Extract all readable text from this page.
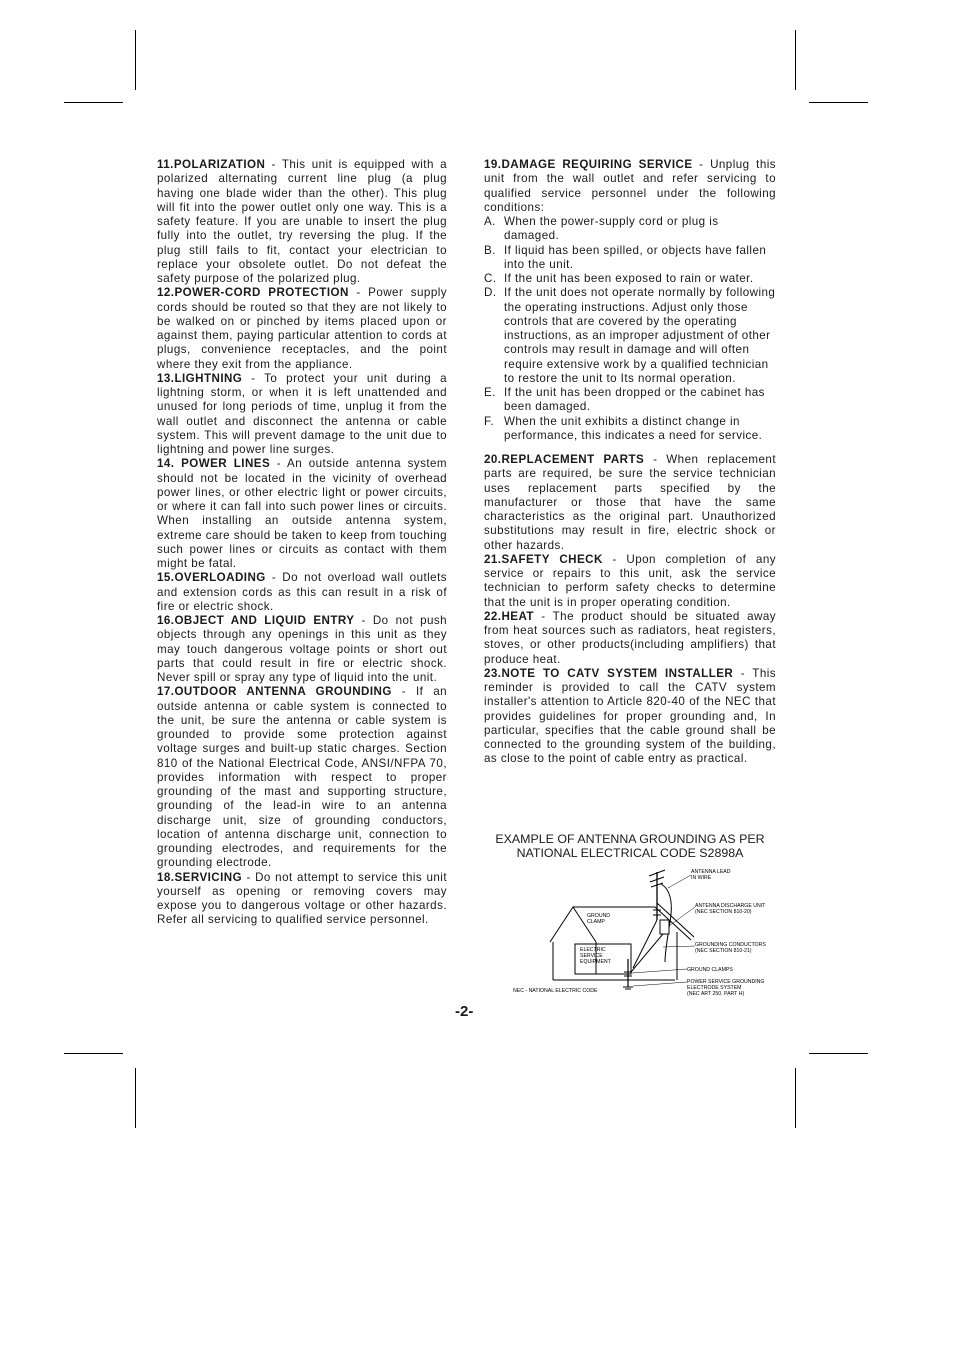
11.POLARIZATION - This unit is equipped with a polarized alternating current line plug (a plug having one blade wider than the other). This plug will fit into the power outlet only one way. This is a safety feature. If you are unable to insert the plug fully into the outlet, try reversing the plug. If the plug still fails to fit, contact your electrician to replace your obsolete outlet. Do not defeat the safety purpose of the polarized plug.

12.POWER-CORD PROTECTION - Power supply cords should be routed so that they are not likely to be walked on or pinched by items placed upon or against them, paying particular attention to cords at plugs, convenience receptacles, and the point where they exit from the appliance.

13.LIGHTNING - To protect your unit during a lightning storm, or when it is left unattended and unused for long periods of time, unplug it from the wall outlet and disconnect the antenna or cable system. This will prevent damage to the unit due to lightning and power line surges.

14. POWER LINES - An outside antenna system should not be located in the vicinity of overhead power lines, or other electric light or power circuits, or where it can fall into such power lines or circuits. When installing an outside antenna system, extreme care should be taken to keep from touching such power lines or circuits as contact with them might be fatal.

15.OVERLOADING - Do not overload wall outlets and extension cords as this can result in a risk of fire or electric shock.

16.OBJECT AND LIQUID ENTRY - Do not push objects through any openings in this unit as they may touch dangerous voltage points or short out parts that could result in fire or electric shock. Never spill or spray any type of liquid into the unit.

17.OUTDOOR ANTENNA GROUNDING - If an outside antenna or cable system is connected to the unit, be sure the antenna or cable system is grounded to provide some protection against voltage surges and built-up static charges. Section 810 of the National Electrical Code, ANSI/NFPA 70, provides information with respect to proper grounding of the mast and supporting structure, grounding of the lead-in wire to an antenna discharge unit, size of grounding conductors, location of antenna discharge unit, connection to grounding electrodes, and requirements for the grounding electrode.

18.SERVICING - Do not attempt to service this unit yourself as opening or removing covers may expose you to dangerous voltage or other hazards. Refer all servicing to qualified service personnel.

19.DAMAGE REQUIRING SERVICE - Unplug this unit from the wall outlet and refer servicing to qualified service personnel under the following conditions:

A. When the power-supply cord or plug is damaged.
B. If liquid has been spilled, or objects have fallen into the unit.
C. If the unit has been exposed to rain or water.
D. If the unit does not operate normally by following the operating instructions. Adjust only those controls that are covered by the operating instructions, as an improper adjustment of other controls may result in damage and will often require extensive work by a qualified technician to restore the unit to Its normal operation.
E. If the unit has been dropped or the cabinet has been damaged.
F. When the unit exhibits a distinct change in performance, this indicates a need for service.

20.REPLACEMENT PARTS - When replacement parts are required, be sure the service technician uses replacement parts specified by the manufacturer or those that have the same characteristics as the original part. Unauthorized substitutions may result in fire, electric shock or other hazards.

21.SAFETY CHECK - Upon completion of any service or repairs to this unit, ask the service technician to perform safety checks to determine that the unit is in proper operating condition.

22.HEAT - The product should be situated away from heat sources such as radiators, heat registers, stoves, or other products(including amplifiers) that produce heat.

23.NOTE TO CATV SYSTEM INSTALLER - This reminder is provided to call the CATV system installer's attention to Article 820-40 of the NEC that provides guidelines for proper grounding and, In particular, specifies that the cable ground shall be connected to the grounding system of the building, as close to the point of cable entry as practical.

EXAMPLE OF ANTENNA GROUNDING AS PER
NATIONAL ELECTRICAL CODE S2898A
ANTENNA LEAD
IN WIRE
ANTENNA DISCHARGE UNIT
(NEC SECTION 810-20)
GROUND
CLAMP
GROUNDING CONDUCTORS
(NEC SECTION 810-21)
ELECTRIC
SERVICE
EQUIPMENT
GROUND CLAMPS
POWER SERVICE GROUNDING
ELECTRODE SYSTEM
(NEC ART 250. PART H)
NEC - NATIONAL ELECTRIC CODE
-2-
